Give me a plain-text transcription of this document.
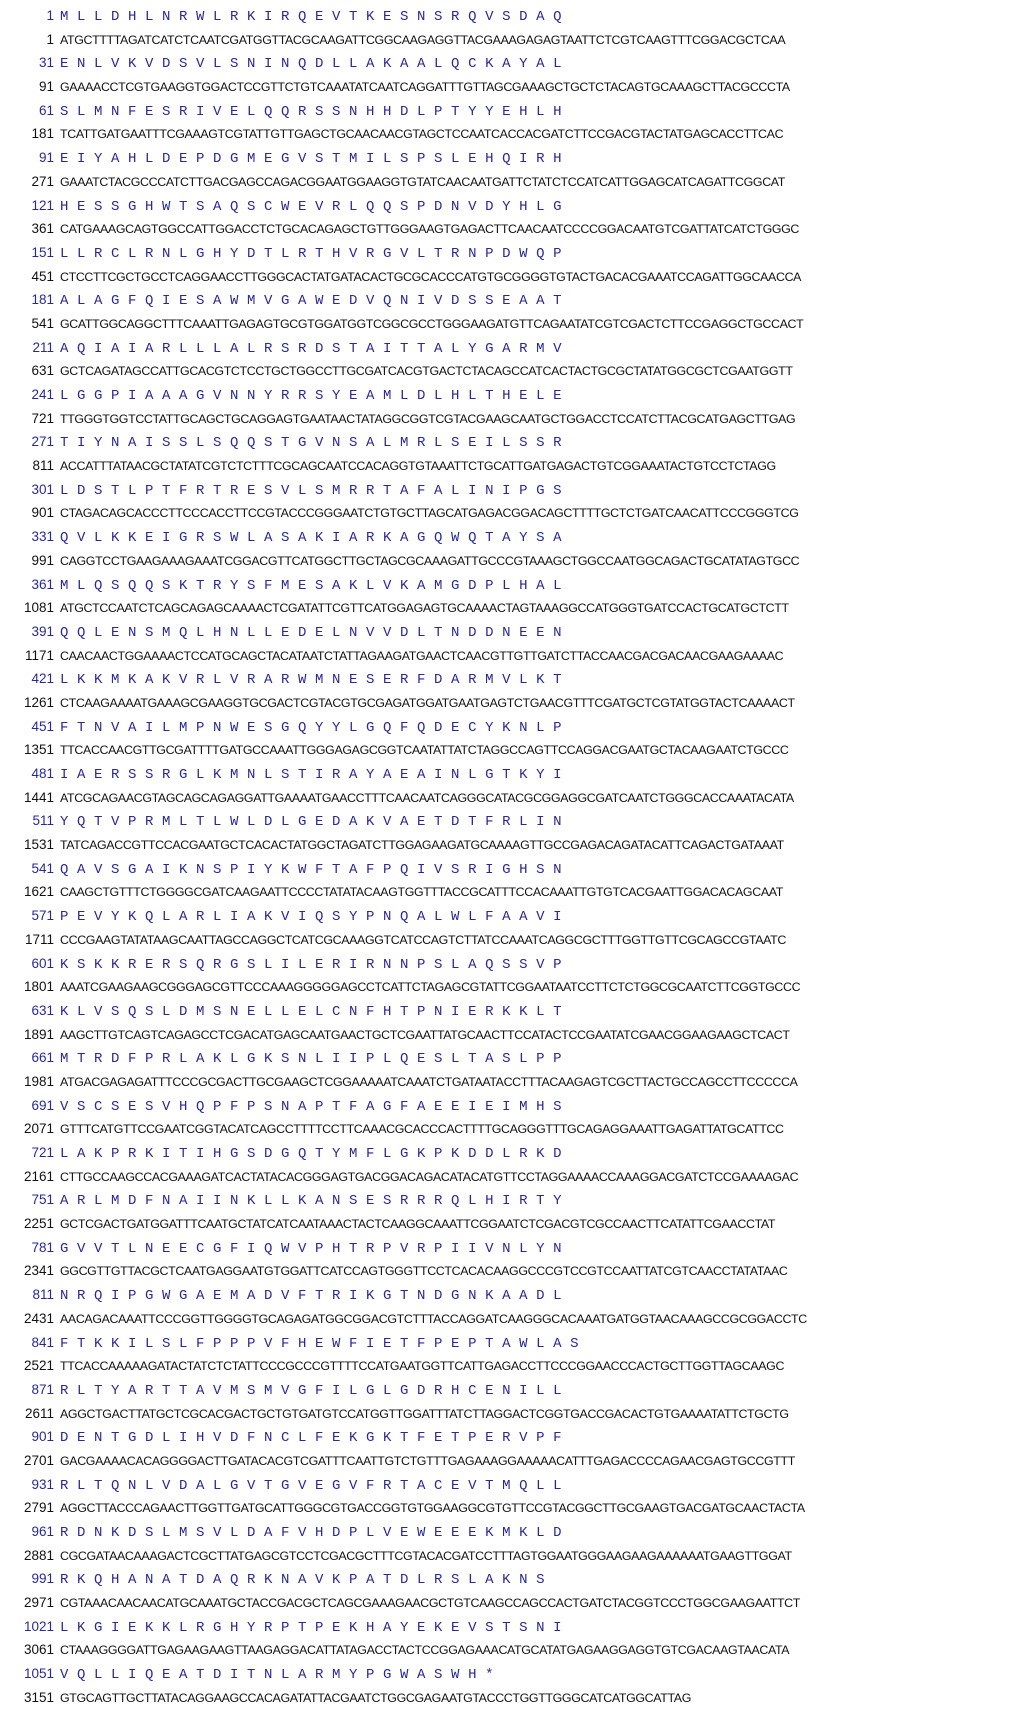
1 M L L D H L N R W L R K I R Q E V T K E S N S R Q V S D A Q
1 ATGCTTTTAGATCATCTCAATCGATGGTTACGCAAGATTCGGCAAGAGGTTACGAAAGAGAGTAATTCTCGTCAAGTTTCGGACGCTCAA
31 E N L V K V D S V L S N I N Q D L L A K A A L Q C K A Y A L
91 GAAAACCTCGTGAAGGTGGACTCCGTTCTGTCAAATATCAATCAGGATTTGTTAGCGAAAGCTGCTCTACAGTGCAAAGCTTACGCCCTA
61 S L M N F E S R I V E L Q Q R S S N H H D L P T Y Y E H L H
181 TCATTGATGAATTTCGAAAGTCGTATTGTTGAGCTGCAACAACGTAGCTCCAATCACCACGATCTTCCGACGTACTATGAGCACCTTCAC
91 E I Y A H L D E P D G M E G V S T M I L S P S L E H Q I R H
271 GAAATCTACGCCCATCTTGACGAGCCAGACGGAATGGAAGGTGTATCAACAATGATTCTATCTCCATCATTGGAGCATCAGATTCGGCAT
121 H E S S G H W T S A Q S C W E V R L Q Q S P D N V D Y H L G
361 CATGAAAGCAGTGGCCATTGGACCTCTGCACAGAGCTGTTGGGAAGTGAGACTTCAACAATCCCCGGACAATGTCGATTATCATCTGGGC
151 L L R C L R N L G H Y D T L R T H V R G V L T R N P D W Q P
451 CTCCTTCGCTGCCTCAGGAACCTTGGGCACTATGATACACTGCGCACCCATGTGCGGGGTGTACTGACACGAAATCCAGATTGGCAACCA
181 A L A G F Q I E S A W M V G A W E D V Q N I V D S S E A A T
541 GCATTGGCAGGCTTTCAAATTGAGAGTGCGTGGATGGTCGGCGCCTGGGAAGATGTTCAGAATATCGTCGACTCTTCCGAGGCTGCCACT
211 A Q I A I A R L L L A L R S R D S T A I T T A L Y G A R M V
631 GCTCAGATAGCCATTGCACGTCTCCTGCTGGCCTTGCGATCACGTGACTCTACAGCCATCACTACTGCGCTATATGGCGCTCGAATGGTT
241 L G G P I A A A G V N N Y R R S Y E A M L D L H L T H E L E
721 TTGGGTGGTCCTATTGCAGCTGCAGGAGTGAATAACTATAGGCGGTCGTACGAAGCAATGCTGGACCTCCATCTTACGCATGAGCTTGAG
271 T I Y N A I S S L S Q Q S T G V N S A L M R L S E I L S S R
811 ACCATTTATAACGCTATATCGTCTCTTTCGCAGCAATCCACAGGTGTAAATTCTGCATTGATGAGACTGTCGGAAATACTGTCCTCTAGG
301 L D S T L P T F R T R E S V L S M R R T A F A L I N I P G S
901 CTAGACAGCACCCTTCCCACCTTCCGTACCCGGGAATCTGTGCTTAGCATGAGACGGACAGCTTTTGCTCTGATCAACATTCCCGGGTCG
331 Q V L K K E I G R S W L A S A K I A R K A G Q W Q T A Y S A
991 CAGGTCCTGAAGAAAGAAATCGGACGTTCATGGCTTGCTAGCGCAAAGATTGCCCGTAAAGCTGGCCAATGGCAGACTGCATATAGTGCC
361 M L Q S Q Q S K T R Y S F M E S A K L V K A M G D P L H A L
1081 ATGCTCCAATCTCAGCAGAGCAAAACTCGATATTCGTTCATGGAGAGTGCAAAACTAGTAAAGGCCATGGGTGATCCACTGCATGCTCTT
391 Q Q L E N S M Q L H N L L E D E L N V V D L T N D D N E E N
1171 CAACAACTGGAAAACTCCATGCAGCTACATAATCTATTAGAAGATGAACTCAACGTTGTTGATCTTACCAACGACGACAACGAAGAAAAC
421 L K K M K A K V R L V R A R W M N E S E R F D A R M V L K T
1261 CTCAAGAAAATGAAAGCGAAGGTGCGACTCGTACGTGCGAGATGGATGAATGAGTCTGAACGTTTCGATGCTCGTATGGTACTCAAAACT
451 F T N V A I L M P N W E S G Q Y Y L G Q F Q D E C Y K N L P
1351 TTCACCAACGTTGCGATTTTGATGCCAAATTGGGAGAGCGGTCAATATTATCTAGGCCAGTTCCAGGACGAATGCTACAAGAATCTGCCC
481 I A E R S S R G L K M N L S T I R A Y A E A I N L G T K Y I
1441 ATCGCAGAACGTAGCAGCAGAGGATTGAAAATGAACCTTTCAACAATCAGGGCATACGCGGAGGCGATCAATCTGGGCACCAAATACATA
511 Y Q T V P R M L T L W L D L G E D A K V A E T D T F R L I N
1531 TATCAGACCGTTCCACGAATGCTCACACTATGGCTAGATCTTGGAGAAGATGCAAAAGTTGCCGAGACAGATACATTCAGACTGATAAAT
541 Q A V S G A I K N S P I Y K W F T A F P Q I V S R I G H S N
1621 CAAGCTGTTTCTGGGGCGATCAAGAATTCCCCTATATACAAGTGGTTTACCGCATTTCCACAAATTGTGTCACGAATTGGACACAGCAAT
571 P E V Y K Q L A R L I A K V I Q S Y P N Q A L W L F A A V I
1711 CCCGAAGTATATAAGCAATTAGCCAGGCTCATCGCAAAGGTCATCCAGTCTTATCCAAATCAGGCGCTTTGGTTGTTCGCAGCCGTAATC
601 K S K K R E R S Q R G S L I L E R I R N N P S L A Q S S V P
1801 AAATCGAAGAAGCGGGAGCGTTCCCAAAGGGGGAGCCTCATTCTAGAGCGTATTCGGAATAATCCTTCTCTGGCGCAATCTTCGGTGCCC
631 K L V S Q S L D M S N E L L E L C N F H T P N I E R K K L T
1891 AAGCTTGTCAGTCAGAGCCTCGACATGAGCAATGAACTGCTCGAATTATGCAACTTCCATACTCCGAATATCGAACGGAAGAAGCTCACT
661 M T R D F P R L A K L G K S N L I I P L Q E S L T A S L P P
1981 ATGACGAGAGATTTCCCGCGACTTGCGAAGCTCGGAAAAATCAAATCTGATAATACCTTTACAAGAGTCGCTTACTGCCAGCCTTCCCCCA
691 V S C S E S V H Q P F P S N A P T F A G F A E E I E I M H S
2071 GTTTCATGTTCCGAATCGGTACATCAGCCTTTTCCTTCAAACGCACCCACTTTTGCAGGGTTTGCAGAGGAAATTGAGATTATGCATTCC
721 L A K P R K I T I H G S D G Q T Y M F L G K P K D D L R K D
2161 CTTGCCAAGCCACGAAAGATCACTATACACGGGAGTGACGGACAGACATACATGTTCCTAGGAAAACCAAAGGACGATCTCCGAAAAGAC
751 A R L M D F N A I I N K L L K A N S E S R R R Q L H I R T Y
2251 GCTCGACTGATGGATTTCAATGCTATCATCAATAAACTACTCAAGGCAAATTCGGAATCTCGACGTCGCCAACTTCATATTCGAACCTAT
781 G V V T L N E E C G F I Q W V P H T R P V R P I I V N L Y N
2341 GGCGTTGTTACGCTCAATGAGGAATGTGGATTCATCCAGTGGGTTCCTCACACAAGGCCCGTCCGTCCAATTATCGTCAACCTATATAAC
811 N R Q I P G W G A E M A D V F T R I K G T N D G N K A A D L
2431 AACAGACAAATTCCCGGTTGGGGTGCAGAGATGGCGGACGTCTTTACCAGGATCAAGGGCACAAATGATGGTAACAAAGCCGCGGACCTC
841 F T K K I L S L F P P P V F H E W F I E T F P E P T A W L A S
2521 TTCACCAAAAAGATACTATCTCTATTCCCGCCCGTTTTCCATGAATGGTTCATTGAGACCTTCCCGGAACCCACTGCTTGGTTAGCAAGC
871 R L T Y A R T T A V M S M V G F I L G L G D R H C E N I L L
2611 AGGCTGACTTATGCTCGCACGACTGCTGTGATGTCCATGGTTGGATTTATCTTAGGACTCGGTGACCGACACTGTGAAAATATTCTGCTG
901 D E N T G D L I H V D F N C L F E K G K T F E T P E R V P F
2701 GACGAAAACACAGGGGACTTGATACACGTCGATTTCAATTGTCTGTTTGAGAAAGGAAAAACATTTGAGACCCCAGAACGAGTGCCGTTT
931 R L T Q N L V D A L G V T G V E G V F R T A C E V T M Q L L
2791 AGGCTTACCCAGAACTTGGTTGATGCATTGGGCGTGACCGGTGTGGAAGGCGTGTTCCGTACGGCTTGCGAAGTGACGATGCAACTACTA
961 R D N K D S L M S V L D A F V H D P L V E W E E E K M K L D
2881 CGCGATAACAAAGACTCGCTTATGAGCGTCCTCGACGCTTTCGTACACGATCCTTTAGTGGAATGGGAAGAAGAAAAAATGAAGTTGGAT
991 R K Q H A N A T D A Q R K N A V K P A T D L R S L A K N S
2971 CGTAAACAACAACATGCAAATGCTACCGACGCTCAGCGAAAGAACGCTGTCAAGCCAGCCACTGATCTACGGTCCCTGGCGAAGAATTCT
1021 L K G I E K K L R G H Y R P T P E K H A Y E K E V S T S N I
3061 CTAAAGGGGATTGAGAAGAAGTTAAGAGGACATTATAGACCTACTCCGGAGAAACATGCATATGAGAAGGAGGTGTCGACAAGTAACATA
1051 V Q L L I Q E A T D I T N L A R M Y P G W A S W H *
3151 GTGCAGTTGCTTATACAGGAAGCCACAGATATTACGAATCTGGCGAGAATGTACCCTGGTTGGGCATCATGGCATTAG
